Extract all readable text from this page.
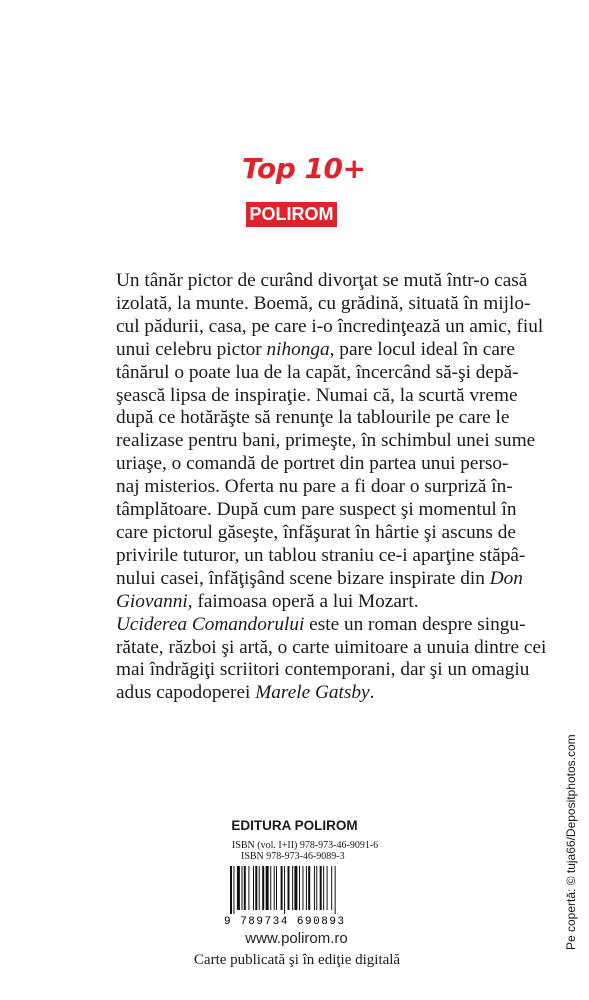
Top 10+
POLIROM
Un tânăr pictor de curând divorţat se mută într-o casă
izolată, la munte. Boemă, cu grădină, situată în mijlo-
cul pădurii, casa, pe care i-o încredinţează un amic, fiul
unui celebru pictor nihonga, pare locul ideal în care
tânărul o poate lua de la capăt, încercând să-şi depă-
şească lipsa de inspiraţie. Numai că, la scurtă vreme
după ce hotărăşte să renunţe la tablourile pe care le
realizase pentru bani, primeşte, în schimbul unei sume
uriaşe, o comandă de portret din partea unui perso-
naj misterios. Oferta nu pare a fi doar o surpriză în-
tâmplătoare. După cum pare suspect şi momentul în
care pictorul găseşte, înfăşurat în hârtie şi ascuns de
privirile tuturor, un tablou straniu ce-i aparţine stăpâ-
nului casei, înfăţişând scene bizare inspirate din Don
Giovanni, faimoasa operă a lui Mozart.
Uciderea Comandorului este un roman despre singu-
rătate, război şi artă, o carte uimitoare a unuia dintre cei
mai îndrăgiţi scriitori contemporani, dar şi un omagiu
adus capodoperei Marele Gatsby.
EDITURA POLIROM
ISBN (vol. I+II) 978-973-46-9091-6
ISBN 978-973-46-9089-3
9 789734 690893
www.polirom.ro
Carte publicată şi în ediţie digitală
Pe copertă: © tuja66/Depositphotos.com
